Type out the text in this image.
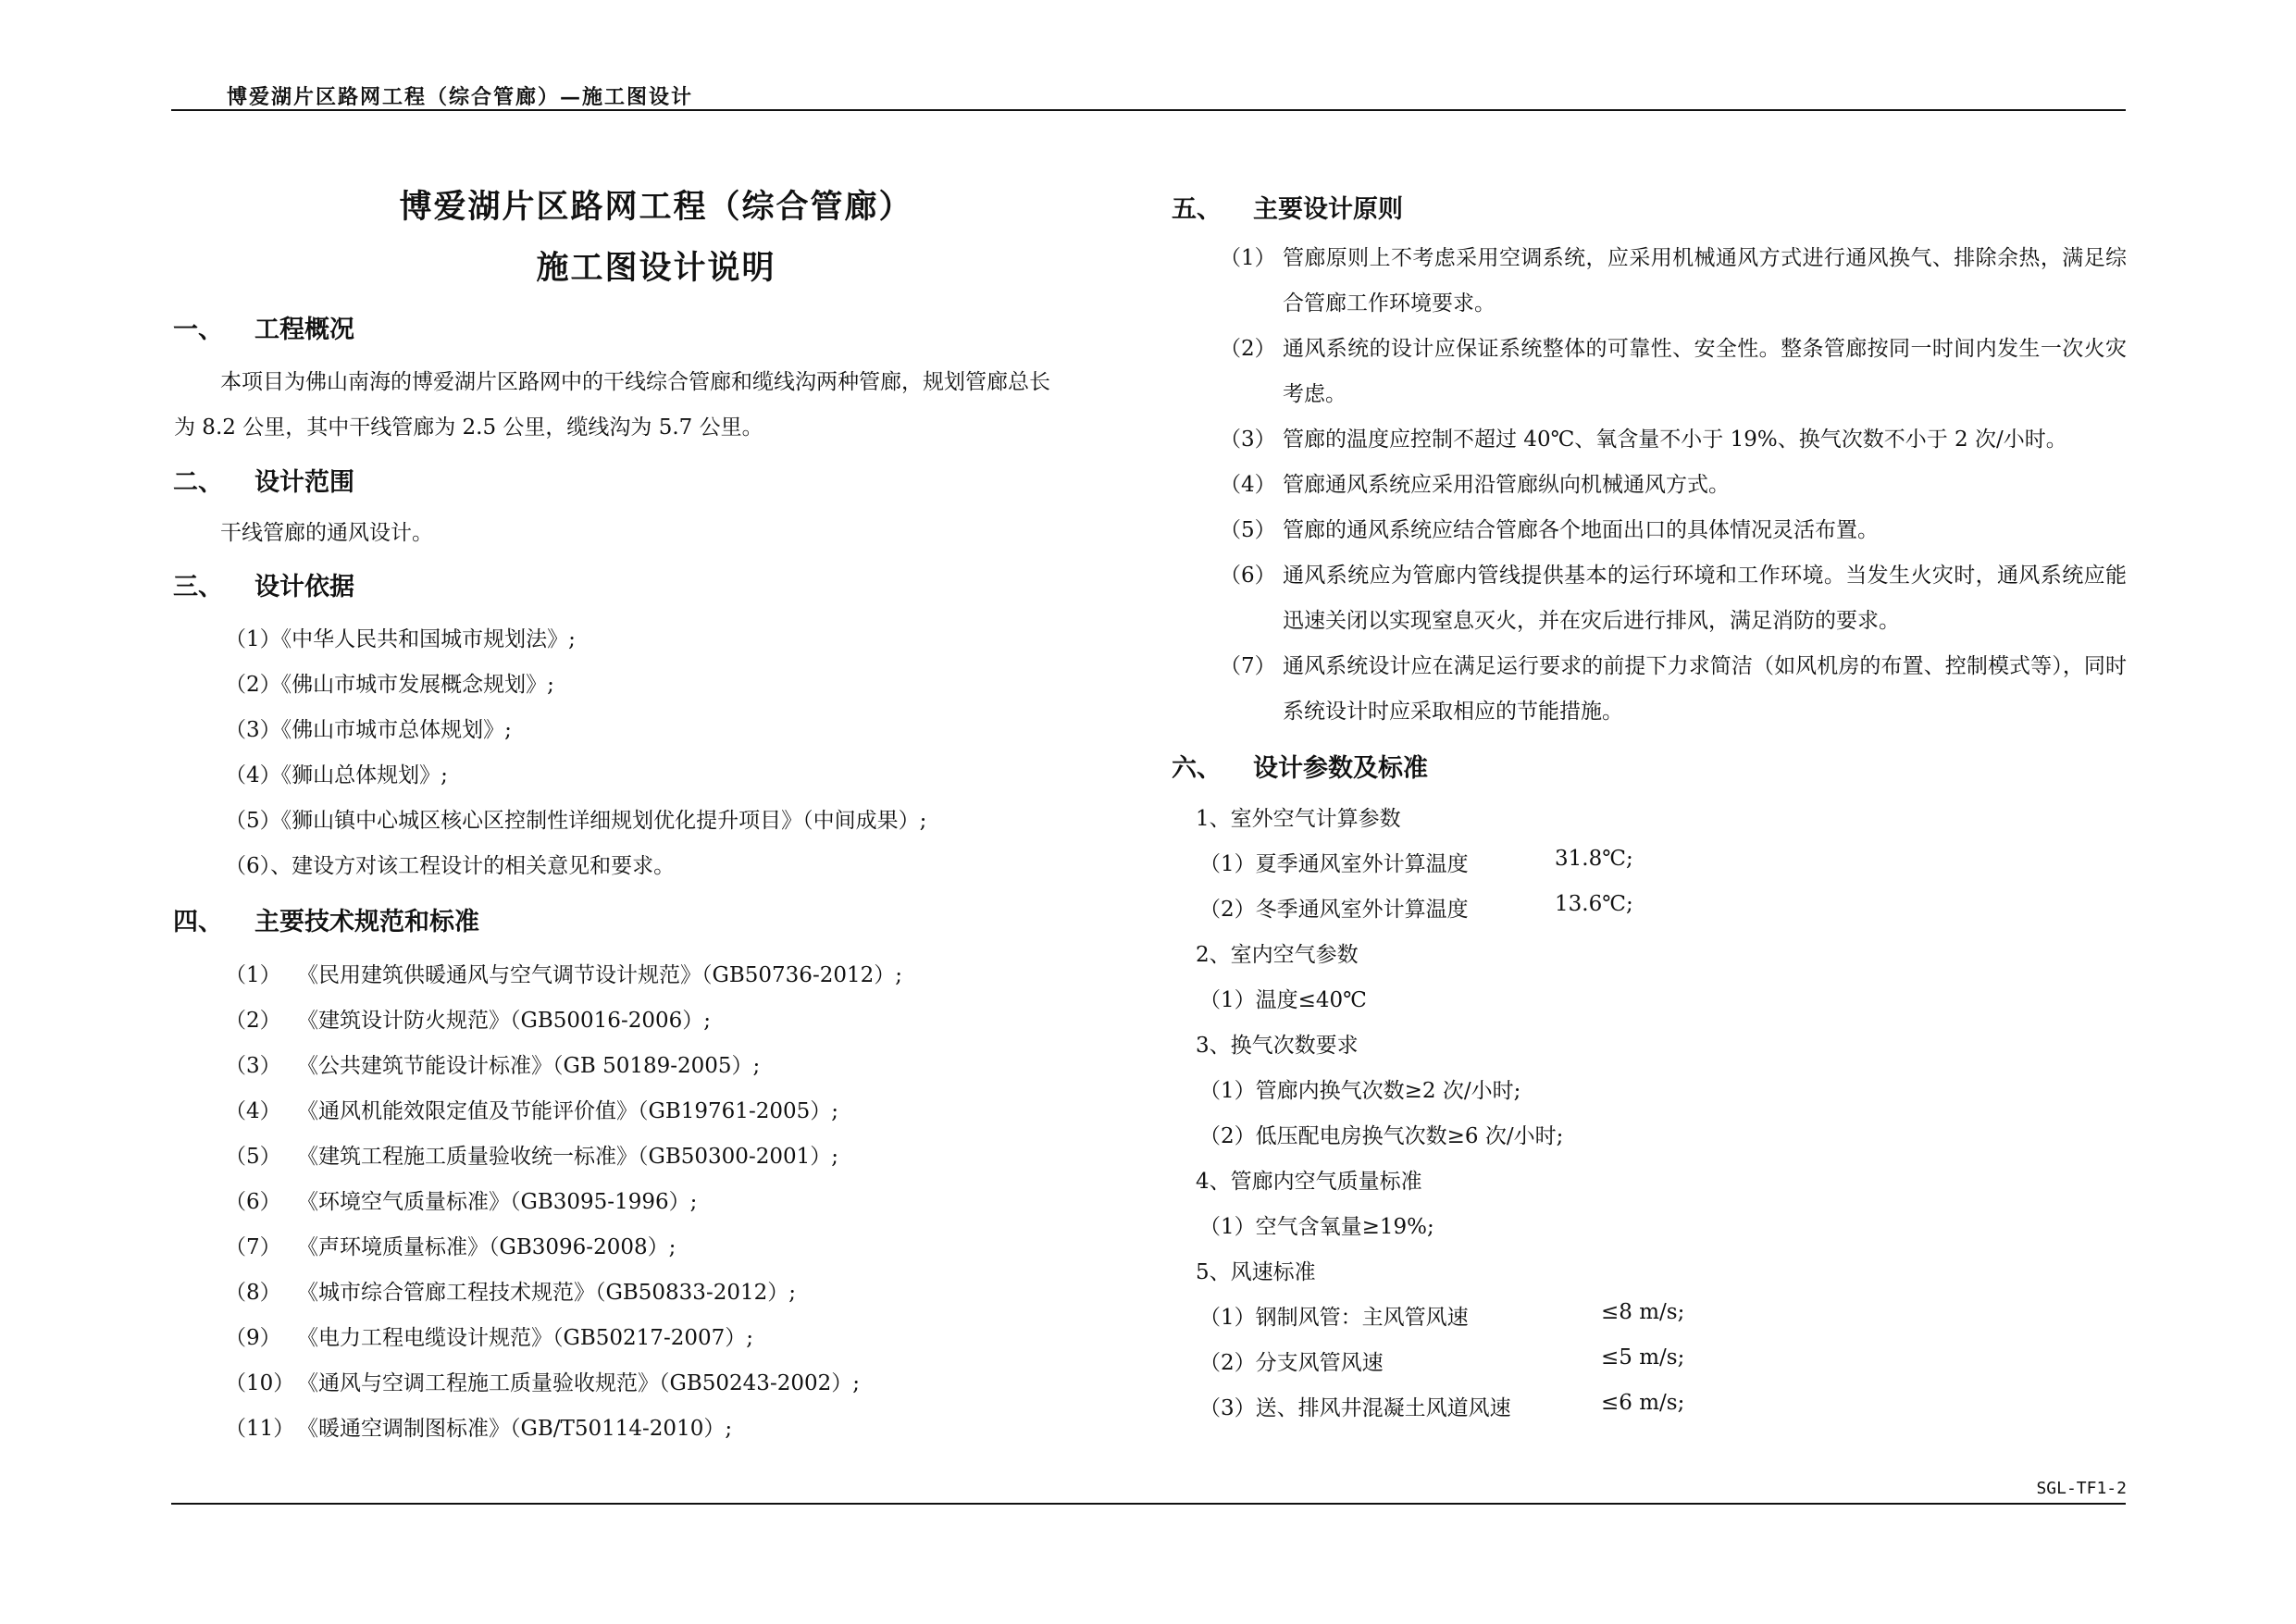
博爱湖片区路网工程（综合管廊）—施工图设计
SGL-TF1-2
博爱湖片区路网工程（综合管廊）
施工图设计说明
一、 工程概况
本项目为佛山南海的博爱湖片区路网中的干线综合管廊和缆线沟两种管廊，规划管廊总长
为 8.2 公里，其中干线管廊为 2.5 公里，缆线沟为 5.7 公里。
二、 设计范围
干线管廊的通风设计。
三、 设计依据
（1）《中华人民共和国城市规划法》;
（2）《佛山市城市发展概念规划》;
（3）《佛山市城市总体规划》;
（4）《狮山总体规划》;
（5）《狮山镇中心城区核心区控制性详细规划优化提升项目》（中间成果）;
（6）、建设方对该工程设计的相关意见和要求。
四、 主要技术规范和标准
（1） 《民用建筑供暖通风与空气调节设计规范》（GB50736-2012）;
（2） 《建筑设计防火规范》（GB50016-2006）;
（3） 《公共建筑节能设计标准》（GB 50189-2005）;
（4） 《通风机能效限定值及节能评价值》（GB19761-2005）;
（5） 《建筑工程施工质量验收统一标准》（GB50300-2001）;
（6） 《环境空气质量标准》（GB3095-1996）;
（7） 《声环境质量标准》（GB3096-2008）;
（8） 《城市综合管廊工程技术规范》（GB50833-2012）;
（9） 《电力工程电缆设计规范》（GB50217-2007）;
（10） 《通风与空调工程施工质量验收规范》（GB50243-2002）;
（11） 《暖通空调制图标准》（GB/T50114-2010）;
五、 主要设计原则
（1） 管廊原则上不考虑采用空调系统，应采用机械通风方式进行通风换气、排除余热，满足综合管廊工作环境要求。
（2） 通风系统的设计应保证系统整体的可靠性、安全性。整条管廊按同一时间内发生一次火灾考虑。
（3） 管廊的温度应控制不超过 40℃、氧含量不小于 19%、换气次数不小于 2 次/小时。
（4） 管廊通风系统应采用沿管廊纵向机械通风方式。
（5） 管廊的通风系统应结合管廊各个地面出口的具体情况灵活布置。
（6） 通风系统应为管廊内管线提供基本的运行环境和工作环境。当发生火灾时，通风系统应能迅速关闭以实现窒息灭火，并在灾后进行排风，满足消防的要求。
（7） 通风系统设计应在满足运行要求的前提下力求简洁（如风机房的布置、控制模式等），同时系统设计时应采取相应的节能措施。
六、 设计参数及标准
1、室外空气计算参数
（1）夏季通风室外计算温度	31.8℃;
（2）冬季通风室外计算温度	13.6℃;
2、室内空气参数
（1）温度≤40℃
3、换气次数要求
（1）管廊内换气次数≥2 次/小时;
（2）低压配电房换气次数≥6 次/小时;
4、管廊内空气质量标准
（1）空气含氧量≥19%;
5、风速标准
（1）钢制风管：主风管风速	≤8 m/s;
（2）分支风管风速	≤5 m/s;
（3）送、排风井混凝土风道风速	≤6 m/s;
